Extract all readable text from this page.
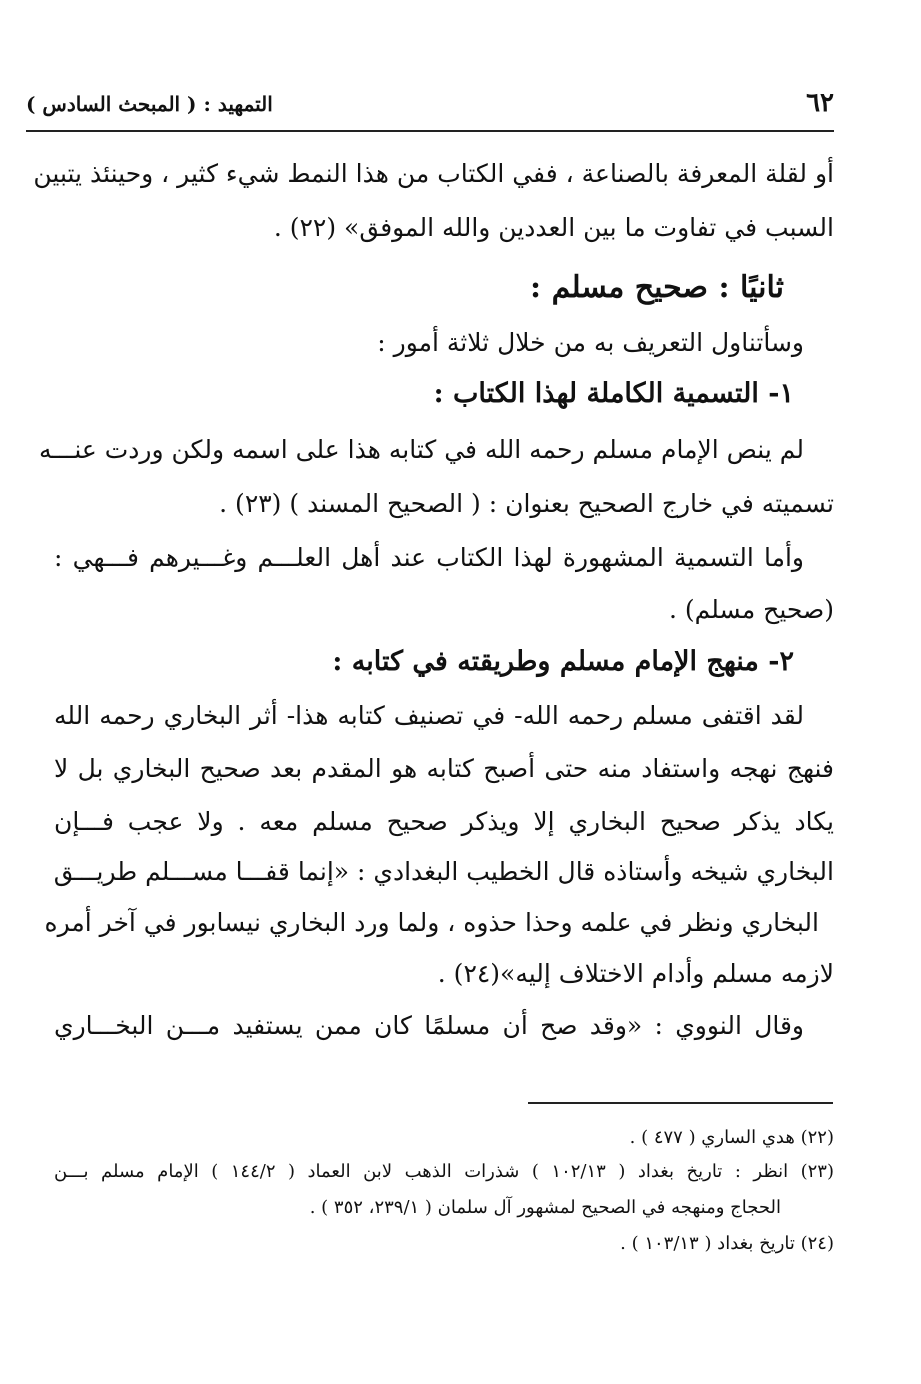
٦٢
التمهيد : ( المبحث السادس )
أو لقلة المعرفة بالصناعة ، ففي الكتاب من هذا النمط شيء كثير ، وحينئذ يتبين
السبب في تفاوت ما بين العددين والله الموفق» (٢٢) .
ثانيًا : صحيح مسلم :
وسأتناول التعريف به من خلال ثلاثة أمور :
١- التسمية الكاملة لهذا الكتاب :
لم ينص الإمام مسلم رحمه الله في كتابه هذا على اسمه ولكن وردت عنـــه
تسميته في خارج الصحيح بعنوان : ( الصحيح المسند ) (٢٣) .
وأما التسمية المشهورة لهذا الكتاب عند أهل العلـــم وغـــيرهم فـــهي :
(صحيح مسلم) .
٢- منهج الإمام مسلم وطريقته في كتابه :
لقد اقتفى مسلم رحمه الله- في تصنيف كتابه هذا- أثر البخاري رحمه الله
فنهج نهجه واستفاد منه حتى أصبح كتابه هو المقدم بعد صحيح البخاري بل لا
يكاد يذكر صحيح البخاري إلا ويذكر صحيح مسلم معه . ولا عجب فـــإن
البخاري شيخه وأستاذه قال الخطيب البغدادي : «إنما قفـــا مســـلم طريـــق
البخاري ونظر في علمه وحذا حذوه ، ولما ورد البخاري نيسابور في آخر أمره
لازمه مسلم وأدام الاختلاف إليه»(٢٤) .
وقال النووي : «وقد صح أن مسلمًا كان ممن يستفيد مـــن البخـــاري
(٢٢) هدي الساري ( ٤٧٧ ) .
(٢٣) انظر : تاريخ بغداد ( ١٠٢/١٣ ) شذرات الذهب لابن العماد ( ١٤٤/٢ ) الإمام مسلم بـــن
الحجاج ومنهجه في الصحيح لمشهور آل سلمان ( ٢٣٩/١، ٣٥٢ ) .
(٢٤) تاريخ بغداد ( ١٠٣/١٣ ) .
